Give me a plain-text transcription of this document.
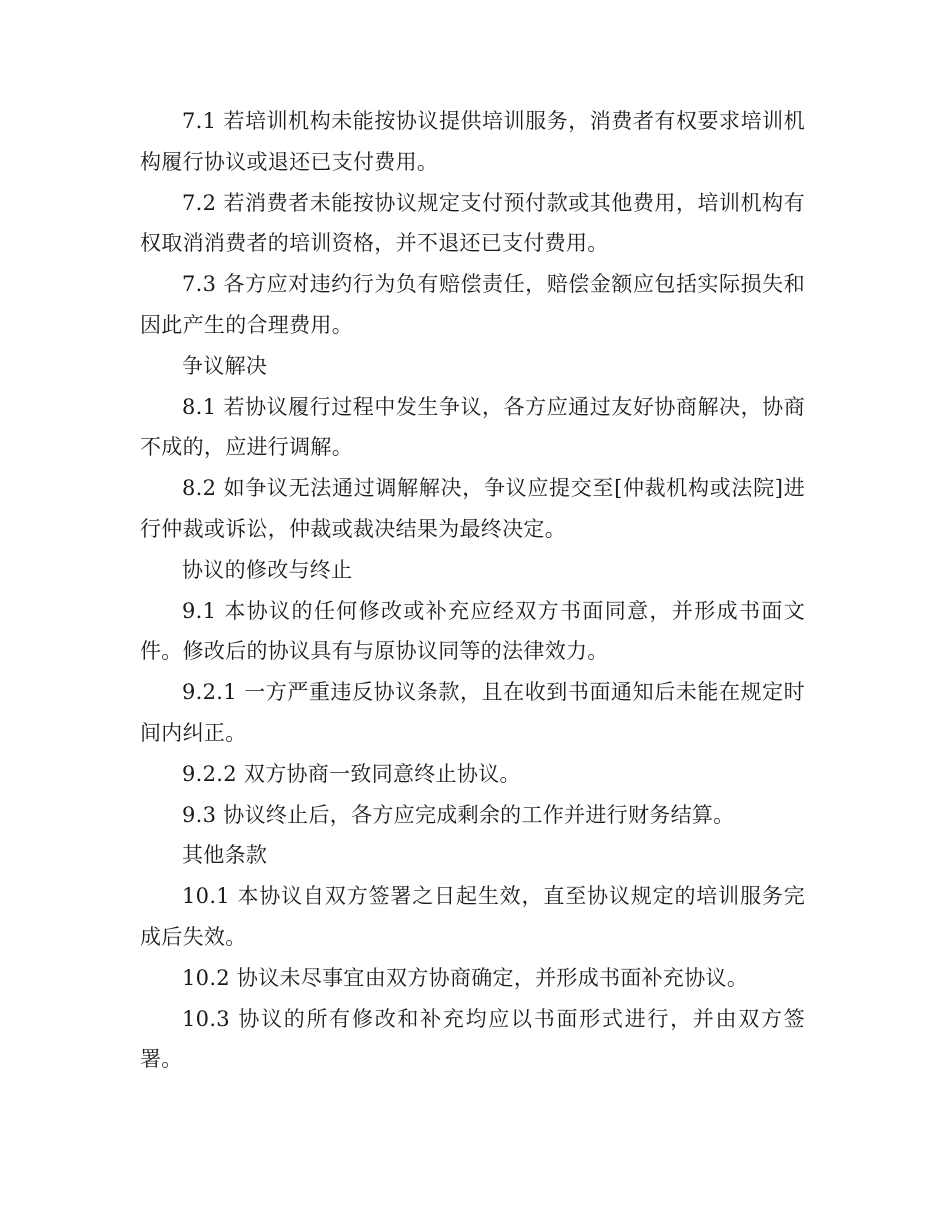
7.1 若培训机构未能按协议提供培训服务，消费者有权要求培训机构履行协议或退还已支付费用。

7.2 若消费者未能按协议规定支付预付款或其他费用，培训机构有权取消消费者的培训资格，并不退还已支付费用。

7.3 各方应对违约行为负有赔偿责任，赔偿金额应包括实际损失和因此产生的合理费用。

争议解决

8.1 若协议履行过程中发生争议，各方应通过友好协商解决，协商不成的，应进行调解。

8.2 如争议无法通过调解解决，争议应提交至[仲裁机构或法院]进行仲裁或诉讼，仲裁或裁决结果为最终决定。

协议的修改与终止

9.1 本协议的任何修改或补充应经双方书面同意，并形成书面文件。修改后的协议具有与原协议同等的法律效力。

9.2.1 一方严重违反协议条款，且在收到书面通知后未能在规定时间内纠正。

9.2.2 双方协商一致同意终止协议。

9.3 协议终止后，各方应完成剩余的工作并进行财务结算。

其他条款

10.1 本协议自双方签署之日起生效，直至协议规定的培训服务完成后失效。

10.2 协议未尽事宜由双方协商确定，并形成书面补充协议。

10.3 协议的所有修改和补充均应以书面形式进行，并由双方签署。
